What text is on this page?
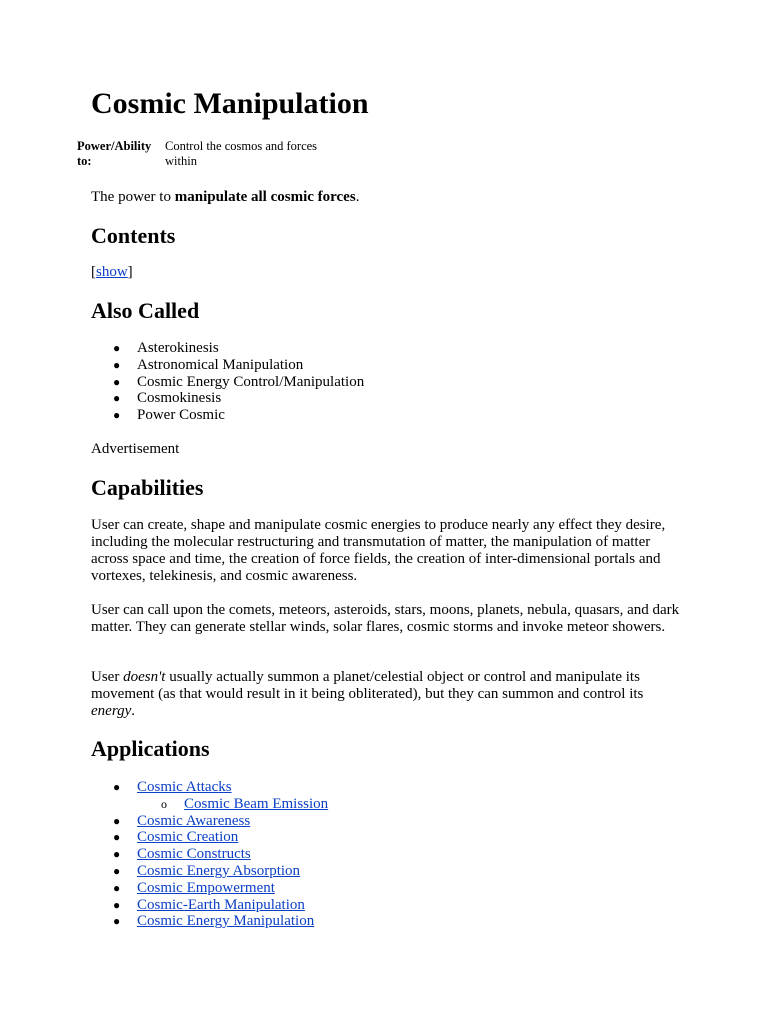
Cosmic Manipulation
Power/Ability to:	Control the cosmos and forces within

The power to manipulate all cosmic forces.

Contents
[show]
Also Called
● Asterokinesis
● Astronomical Manipulation
● Cosmic Energy Control/Manipulation
● Cosmokinesis
● Power Cosmic
Advertisement
Capabilities

User can create, shape and manipulate cosmic energies to produce nearly any effect they desire, including the molecular restructuring and transmutation of matter, the manipulation of matter across space and time, the creation of force fields, the creation of inter-dimensional portals and vortexes, telekinesis, and cosmic awareness.

User can call upon the comets, meteors, asteroids, stars, moons, planets, nebula, quasars, and dark matter. They can generate stellar winds, solar flares, cosmic storms and invoke meteor showers.

User doesn't usually actually summon a planet/celestial object or control and manipulate its movement (as that would result in it being obliterated), but they can summon and control its energy.

Applications
● Cosmic Attacks
o Cosmic Beam Emission
● Cosmic Awareness
● Cosmic Creation
● Cosmic Constructs
● Cosmic Energy Absorption
● Cosmic Empowerment
● Cosmic-Earth Manipulation
● Cosmic Energy Manipulation
